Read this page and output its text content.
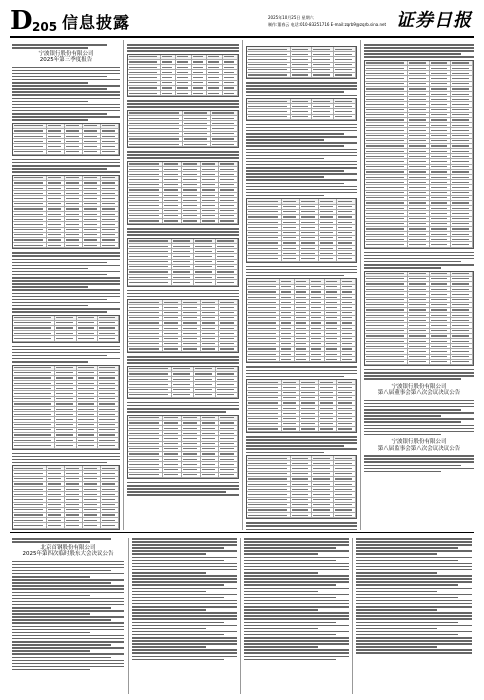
D 205 信息披露	2025年10月25日 星期六
制作:董春云 电话:010-83251716 E-mail:zqrb9@zqrb.sina.net 证券日报
宁波银行股份有限公司
2025年第三季度报告
宁波银行股份有限公司
第八届董事会第八次会议决议公告
宁波银行股份有限公司
第八届监事会第八次会议决议公告
北京首钢股份有限公司
2025年第四次临时股东大会决议公告
